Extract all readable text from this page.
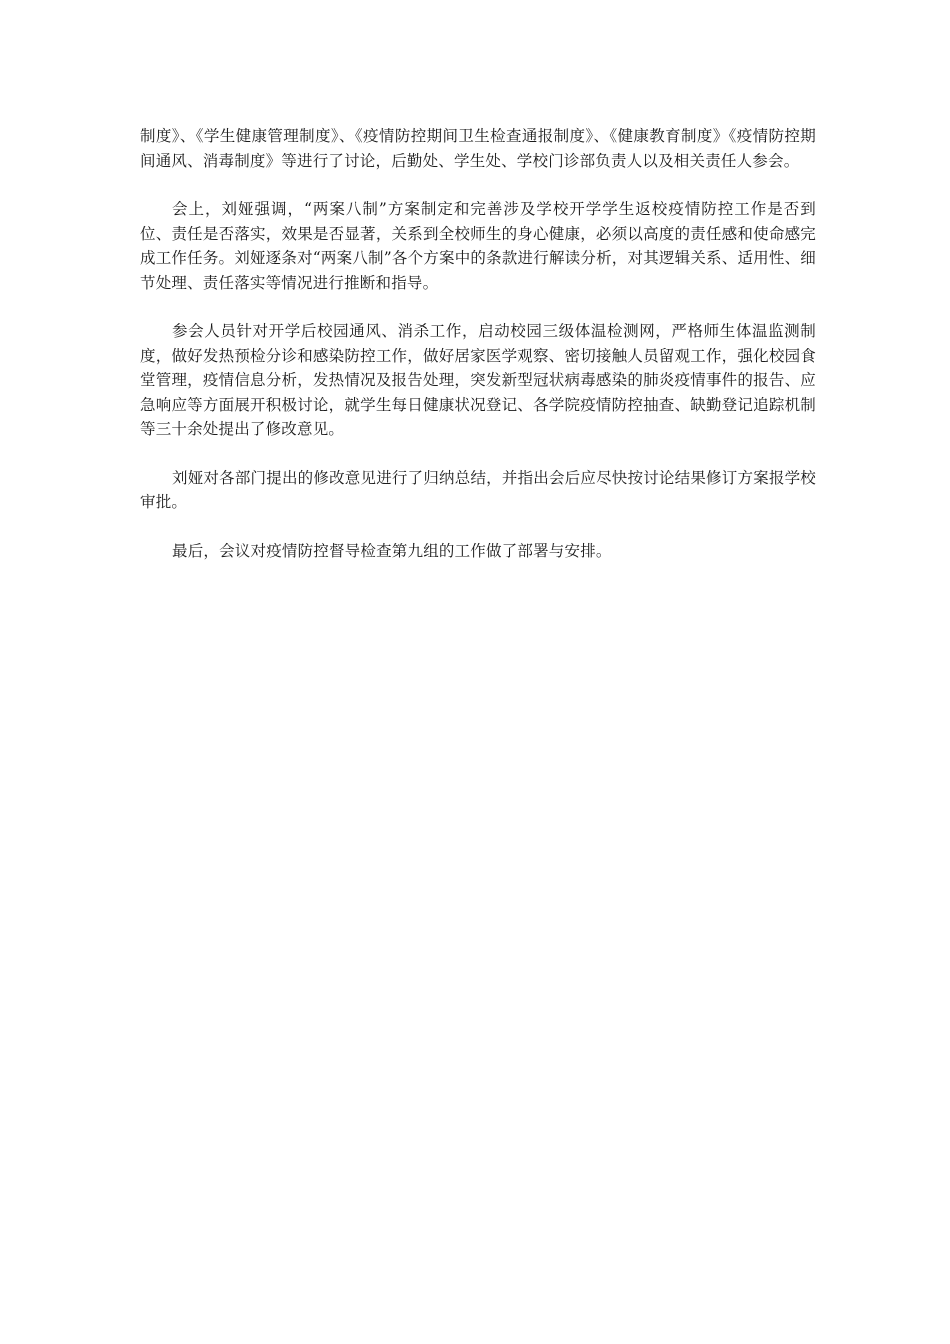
制度》、《学生健康管理制度》、《疫情防控期间卫生检查通报制度》、《健康教育制度》《疫情防控期间通风、消毒制度》等进行了讨论，后勤处、学生处、学校门诊部负责人以及相关责任人参会。

会上，刘娅强调，“两案八制”方案制定和完善涉及学校开学学生返校疫情防控工作是否到位、责任是否落实，效果是否显著，关系到全校师生的身心健康，必须以高度的责任感和使命感完成工作任务。刘娅逐条对“两案八制”各个方案中的条款进行解读分析，对其逻辑关系、适用性、细节处理、责任落实等情况进行推断和指导。

参会人员针对开学后校园通风、消杀工作，启动校园三级体温检测网，严格师生体温监测制度，做好发热预检分诊和感染防控工作，做好居家医学观察、密切接触人员留观工作，强化校园食堂管理，疫情信息分析，发热情况及报告处理，突发新型冠状病毒感染的肺炎疫情事件的报告、应急响应等方面展开积极讨论，就学生每日健康状况登记、各学院疫情防控抽查、缺勤登记追踪机制等三十余处提出了修改意见。

刘娅对各部门提出的修改意见进行了归纳总结，并指出会后应尽快按讨论结果修订方案报学校审批。

最后，会议对疫情防控督导检查第九组的工作做了部署与安排。
